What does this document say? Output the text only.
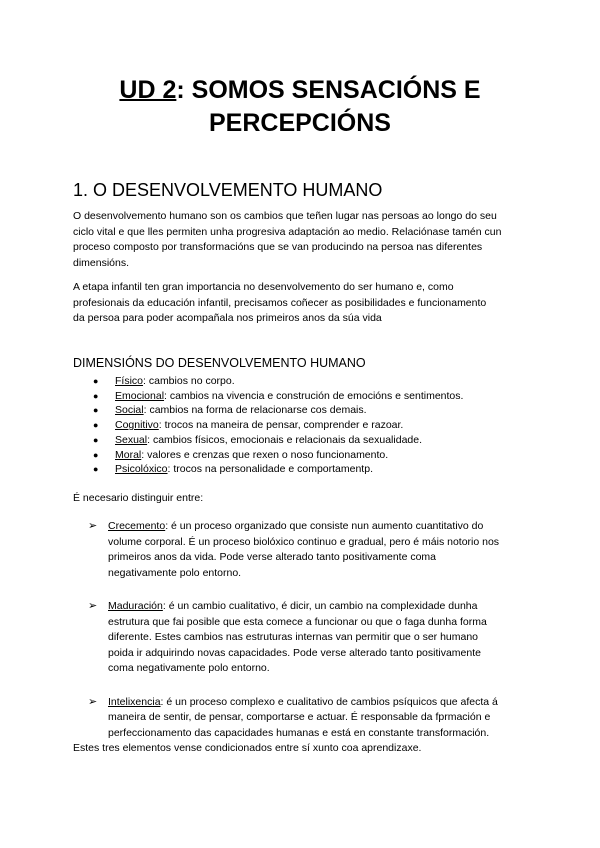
UD 2: SOMOS SENSACIÓNS E
PERCEPCIÓNS
1. O DESENVOLVEMENTO HUMANO

O desenvolvemento humano son os cambios que teñen lugar nas persoas ao longo do seu
ciclo vital e que lles permiten unha progresiva adaptación ao medio. Relaciónase tamén cun
proceso composto por transformacións que se van producindo na persoa nas diferentes
dimensións.

A etapa infantil ten gran importancia no desenvolvemento do ser humano e, como
profesionais da educación infantil, precisamos coñecer as posibilidades e funcionamento
da persoa para poder acompañala nos primeiros anos da súa vida

DIMENSIÓNS DO DESENVOLVEMENTO HUMANO
● Físico: cambios no corpo.
● Emocional: cambios na vivencia e construción de emocións e sentimentos.
● Social: cambios na forma de relacionarse cos demais.
● Cognitivo: trocos na maneira de pensar, comprender e razoar.
● Sexual: cambios físicos, emocionais e relacionais da sexualidade.
● Moral: valores e crenzas que rexen o noso funcionamento.
● Psicolóxico: trocos na personalidade e comportamentp.

É necesario distinguir entre:

➢ Crecemento: é un proceso organizado que consiste nun aumento cuantitativo do
volume corporal. É un proceso biolóxico continuo e gradual, pero é máis notorio nos
primeiros anos da vida. Pode verse alterado tanto positivamente coma
negativamente polo entorno.
➢ Maduración: é un cambio cualitativo, é dicir, un cambio na complexidade dunha
estrutura que fai posible que esta comece a funcionar ou que o faga dunha forma
diferente. Estes cambios nas estruturas internas van permitir que o ser humano
poida ir adquirindo novas capacidades. Pode verse alterado tanto positivamente
coma negativamente polo entorno.
➢ Intelixencia: é un proceso complexo e cualitativo de cambios psíquicos que afecta á
maneira de sentir, de pensar, comportarse e actuar. É responsable da fprmación e
perfeccionamento das capacidades humanas e está en constante transformación.

Estes tres elementos vense condicionados entre sí xunto coa aprendizaxe.
